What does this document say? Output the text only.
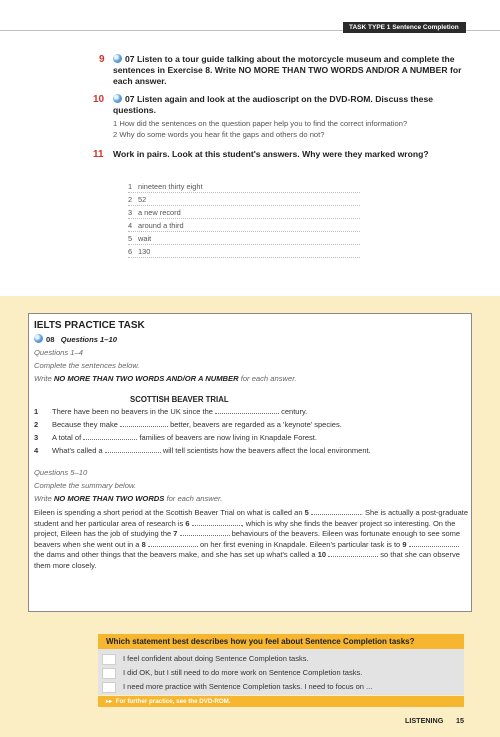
TASK TYPE 1 Sentence Completion
9	07 Listen to a tour guide talking about the motorcycle museum and complete the
sentences in Exercise 8. Write NO MORE THAN TWO WORDS AND/OR A NUMBER for
each answer.
10	07 Listen again and look at the audioscript on the DVD-ROM. Discuss these
questions.
1 How did the sentences on the question paper help you to find the correct information?
2 Why do some words you hear fit the gaps and others do not?
11 Work in pairs. Look at this student's answers. Why were they marked wrong?
1 nineteen thirty eight
2 52
3 a new record
4 around a third
5 wait
6 130
IELTS PRACTICE TASK
08 Questions 1–10
Questions 1–4
Complete the sentences below.
Write NO MORE THAN TWO WORDS AND/OR A NUMBER for each answer.
SCOTTISH BEAVER TRIAL
1 There have been no beavers in the UK since the	century.
2 Because they make	better, beavers are regarded as a 'keynote' species.
3 A total of	families of beavers are now living in Knapdale Forest.
4 What's called a	will tell scientists how the beavers affect the local environment.
Questions 5–10
Complete the summary below.
Write NO MORE THAN TWO WORDS for each answer.
Eileen is spending a short period at the Scottish Beaver Trial on what is called an 5	. She is actually a post-graduate student and her particular area of research is 6	, which is why she finds the beaver project so interesting. On the project, Eileen has the job of studying the 7	behaviours of the beavers. Eileen was fortunate enough to see some beavers when she went out in a 8	on her first evening in Knapdale. Eileen's particular task is to 9  the dams and other things that the beavers make, and she has set up what's called a 10	so that she can observe them more closely.
Which statement best describes how you feel about Sentence Completion tasks?
I feel confident about doing Sentence Completion tasks.
I did OK, but I still need to do more work on Sentence Completion tasks.
I need more practice with Sentence Completion tasks. I need to focus on ...
▸▸ For further practice, see the DVD-ROM.
LISTENING 15
